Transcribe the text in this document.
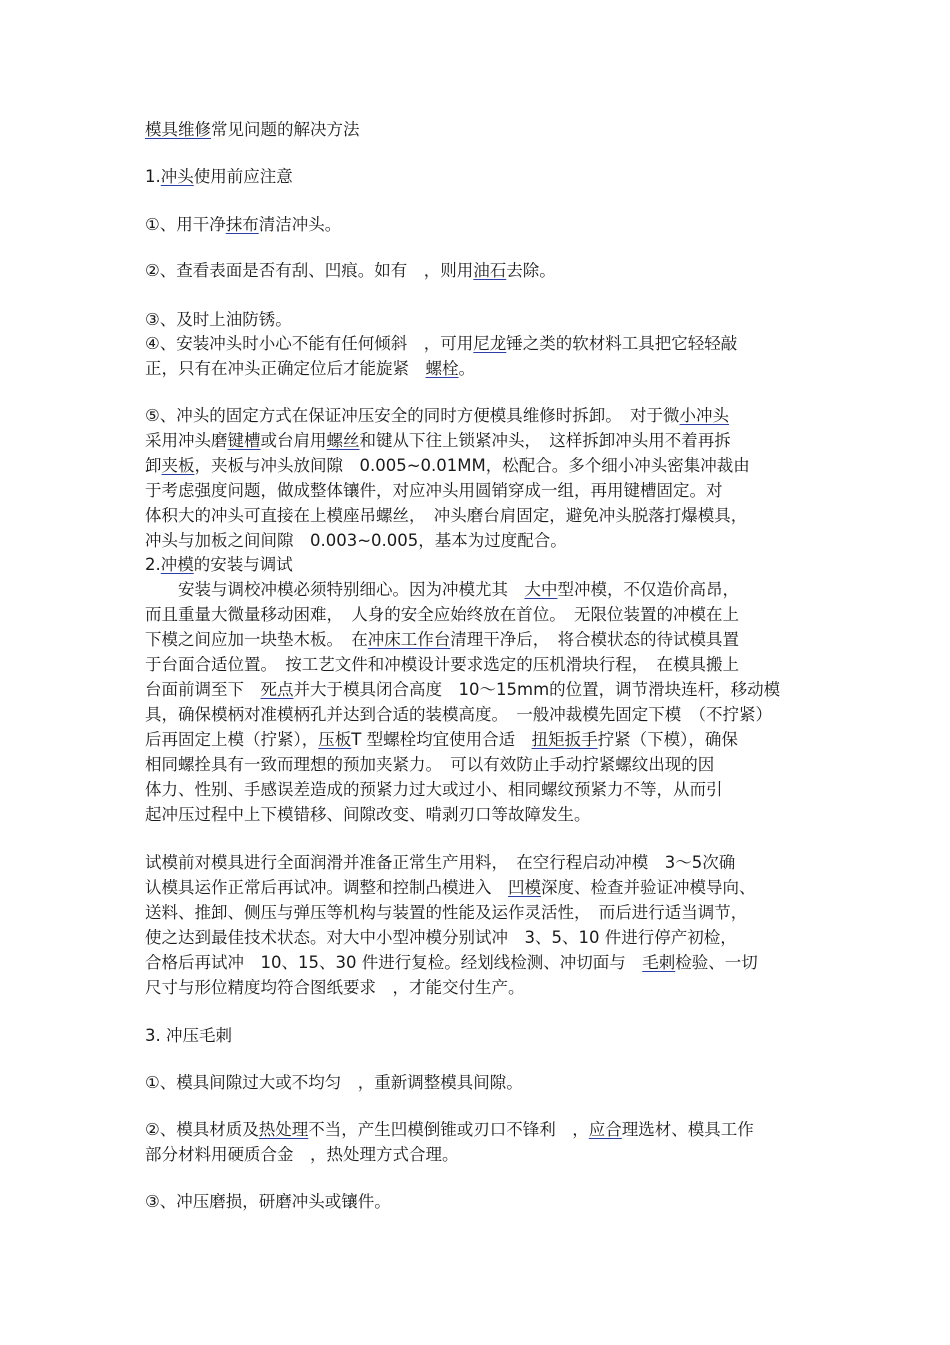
模具维修常见问题的解决方法
1.冲头使用前应注意
①、用干净抹布清洁冲头。
②、查看表面是否有刮、凹痕。如有　，则用油石去除。
③、及时上油防锈。
④、安装冲头时小心不能有任何倾斜　，可用尼龙锤之类的软材料工具把它轻轻敲
正，只有在冲头正确定位后才能旋紧　螺栓。
⑤、冲头的固定方式在保证冲压安全的同时方便模具维修时拆卸。　对于微小冲头
采用冲头磨键槽或台肩用螺丝和键从下往上锁紧冲头，　这样拆卸冲头用不着再拆
卸夹板，夹板与冲头放间隙　0.005~0.01MM，松配合。多个细小冲头密集冲裁由
于考虑强度问题，做成整体镶件，对应冲头用圆销穿成一组，再用键槽固定。对
体积大的冲头可直接在上模座吊螺丝，　冲头磨台肩固定，避免冲头脱落打爆模具，
冲头与加板之间间隙　0.003~0.005，基本为过度配合。
2.冲模的安装与调试
　　安装与调校冲模必须特别细心。因为冲模尤其　大中型冲模，不仅造价高昂，
而且重量大微量移动困难，　人身的安全应始终放在首位。　无限位装置的冲模在上
下模之间应加一块垫木板。　在冲床工作台清理干净后，　将合模状态的待试模具置
于台面合适位置。　按工艺文件和冲模设计要求选定的压机滑块行程，　在模具搬上
台面前调至下　死点并大于模具闭合高度　10～15mm的位置，调节滑块连杆，移动模
具，确保模柄对准模柄孔并达到合适的装模高度。　一般冲裁模先固定下模　（不拧紧）
后再固定上模（拧紧），压板T 型螺栓均宜使用合适　扭矩扳手拧紧（下模），确保
相同螺拴具有一致而理想的预加夹紧力。　可以有效防止手动拧紧螺纹出现的因
体力、性别、手感误差造成的预紧力过大或过小、相同螺纹预紧力不等，从而引
起冲压过程中上下模错移、间隙改变、啃剥刃口等故障发生。
试模前对模具进行全面润滑并准备正常生产用料，　在空行程启动冲模　3～5次确
认模具运作正常后再试冲。调整和控制凸模进入　凹模深度、检查并验证冲模导向、
送料、推卸、侧压与弹压等机构与装置的性能及运作灵活性，　而后进行适当调节，
使之达到最佳技术状态。对大中小型冲模分别试冲　3、5、10 件进行停产初检，
合格后再试冲　10、15、30 件进行复检。经划线检测、冲切面与　毛刺检验、一切
尺寸与形位精度均符合图纸要求　，才能交付生产。
3. 冲压毛刺
①、模具间隙过大或不均匀　，重新调整模具间隙。
②、模具材质及热处理不当，产生凹模倒锥或刃口不锋利　，应合理选材、模具工作
部分材料用硬质合金　，热处理方式合理。
③、冲压磨损，研磨冲头或镶件。
